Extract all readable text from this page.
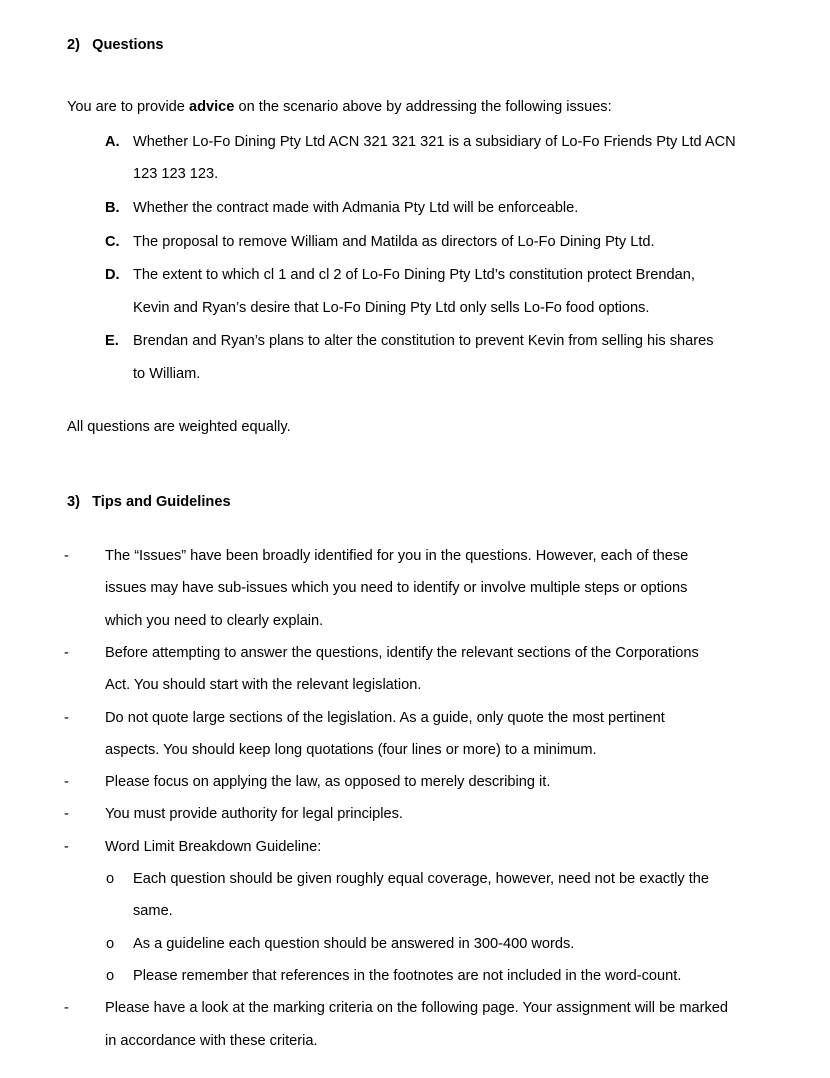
2) Questions
You are to provide advice on the scenario above by addressing the following issues:
A. Whether Lo-Fo Dining Pty Ltd ACN 321 321 321 is a subsidiary of Lo-Fo Friends Pty Ltd ACN
123 123 123.
B. Whether the contract made with Admania Pty Ltd will be enforceable.
C. The proposal to remove William and Matilda as directors of Lo-Fo Dining Pty Ltd.
D. The extent to which cl 1 and cl 2 of Lo-Fo Dining Pty Ltd’s constitution protect Brendan,
Kevin and Ryan’s desire that Lo-Fo Dining Pty Ltd only sells Lo-Fo food options.
E. Brendan and Ryan’s plans to alter the constitution to prevent Kevin from selling his shares
to William.
All questions are weighted equally.
3) Tips and Guidelines
- The “Issues” have been broadly identified for you in the questions. However, each of these
issues may have sub-issues which you need to identify or involve multiple steps or options
which you need to clearly explain.
- Before attempting to answer the questions, identify the relevant sections of the Corporations
Act. You should start with the relevant legislation.
- Do not quote large sections of the legislation. As a guide, only quote the most pertinent
aspects. You should keep long quotations (four lines or more) to a minimum.
- Please focus on applying the law, as opposed to merely describing it.
- You must provide authority for legal principles.
- Word Limit Breakdown Guideline:
o Each question should be given roughly equal coverage, however, need not be exactly the
same.
o As a guideline each question should be answered in 300-400 words.
o Please remember that references in the footnotes are not included in the word-count.
- Please have a look at the marking criteria on the following page. Your assignment will be marked
in accordance with these criteria.
